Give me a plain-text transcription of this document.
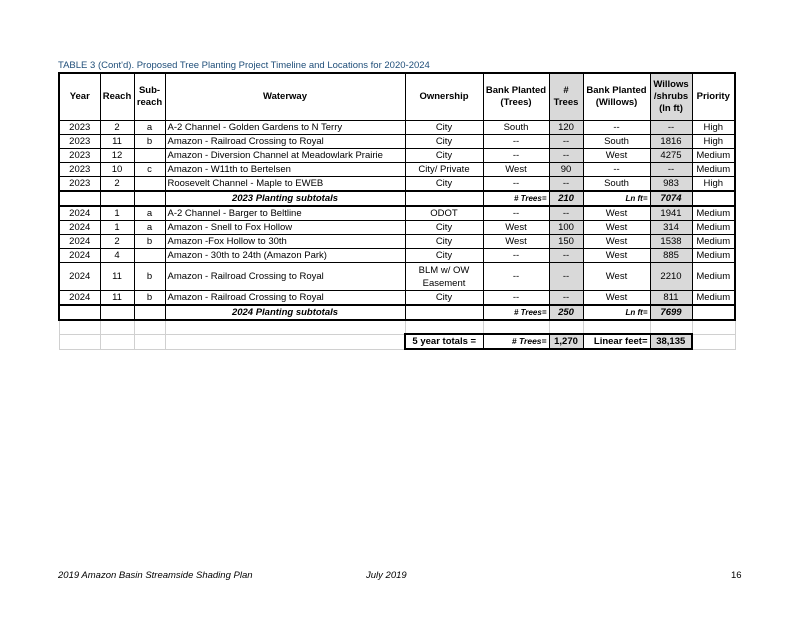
TABLE 3 (Cont'd). Proposed Tree Planting Project Timeline and Locations for 2020-2024
Year	Reach	Sub-reach	Waterway	Ownership	Bank Planted (Trees)	# Trees	Bank Planted (Willows)	Willows /shrubs (ln ft)	Priority
2023	2	a	A-2 Channel - Golden Gardens to N Terry	City	South	120	--	--	High
2023	11	b	Amazon - Railroad Crossing to Royal	City	--	--	South	1816	High
2023	12		Amazon - Diversion Channel at Meadowlark Prairie	City	--	--	West	4275	Medium
2023	10	c	Amazon - W11th to Bertelsen	City/ Private	West	90	--	--	Medium
2023	2		Roosevelt Channel - Maple to EWEB	City	--	--	South	983	High
			2023 Planting subtotals		# Trees=	210	Ln ft=	7074	
2024	1	a	A-2 Channel - Barger to Beltline	ODOT	--	--	West	1941	Medium
2024	1	a	Amazon - Snell to Fox Hollow	City	West	100	West	314	Medium
2024	2	b	Amazon -Fox Hollow to 30th	City	West	150	West	1538	Medium
2024	4		Amazon - 30th to 24th (Amazon Park)	City	--	--	West	885	Medium
2024	11	b	Amazon - Railroad Crossing to Royal	BLM w/ OW Easement	--	--	West	2210	Medium
2024	11	b	Amazon - Railroad Crossing to Royal	City	--	--	West	811	Medium
			2024 Planting subtotals		# Trees=	250	Ln ft=	7699	

				5 year totals =	# Trees=	1,270	Linear feet=	38,135	
2019 Amazon Basin Streamside Shading Plan	July 2019	16
